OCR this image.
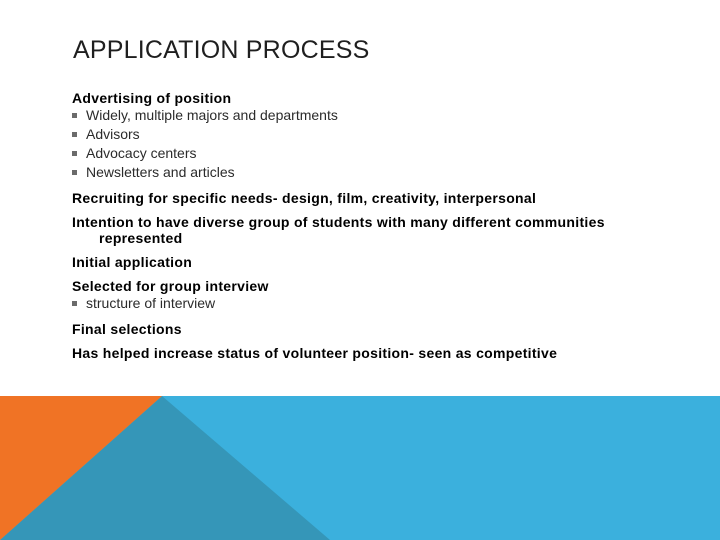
APPLICATION PROCESS
Advertising of position
Widely, multiple majors and departments
Advisors
Advocacy centers
Newsletters and articles
Recruiting for specific needs- design, film, creativity, interpersonal
Intention to have diverse group of students with many different communities
represented
Initial application
Selected for group interview
structure of interview
Final selections
Has helped increase status of volunteer position- seen as competitive
